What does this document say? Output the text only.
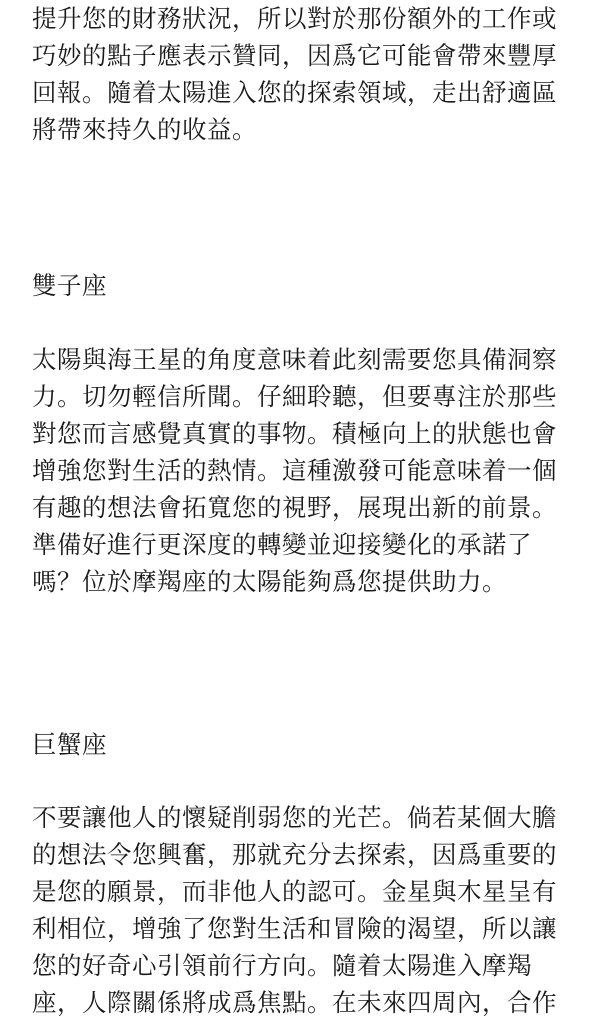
提升您的財務狀況，所以對於那份額外的工作或
巧妙的點子應表示贊同，因爲它可能會帶來豐厚
回報。隨着太陽進入您的探索領域，走出舒適區
將帶來持久的收益。

雙子座

太陽與海王星的角度意味着此刻需要您具備洞察
力。切勿輕信所聞。仔細聆聽，但要專注於那些
對您而言感覺真實的事物。積極向上的狀態也會
增強您對生活的熱情。這種激發可能意味着一個
有趣的想法會拓寬您的視野，展現出新的前景。
準備好進行更深度的轉變並迎接變化的承諾了
嗎？位於摩羯座的太陽能夠爲您提供助力。

巨蟹座

不要讓他人的懷疑削弱您的光芒。倘若某個大膽
的想法令您興奮，那就充分去探索，因爲重要的
是您的願景，而非他人的認可。金星與木星呈有
利相位，增強了您對生活和冒險的渴望，所以讓
您的好奇心引領前行方向。隨着太陽進入摩羯
座，人際關係將成爲焦點。在未來四周內，合作
